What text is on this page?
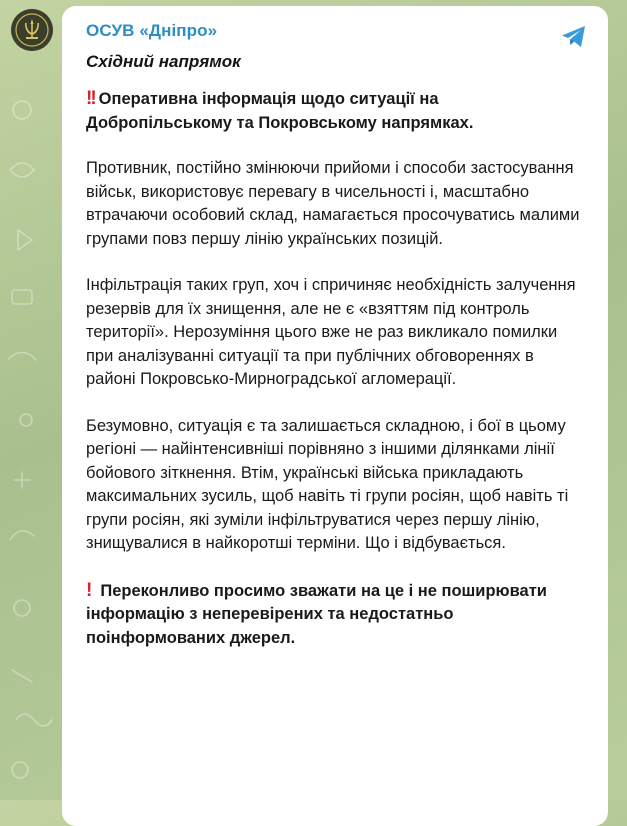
ОСУВ «Дніпро»

Східний напрямок

!! Оперативна інформація щодо ситуації на Добропільському та Покровському напрямках.

Противник, постійно змінюючи прийоми і способи застосування військ, використовує перевагу в чисельності і, масштабно втрачаючи особовий склад, намагається просочуватись малими групами повз першу лінію українських позицій.

Інфільтрація таких груп, хоч і спричиняє необхідність залучення резервів для їх знищення, але не є «взяттям під контроль території». Нерозуміння цього вже не раз викликало помилки при аналізуванні ситуації та при публічних обговореннях в районі Покровсько-Мирноградської агломерації.

Безумовно, ситуація є та залишається складною, і бої в цьому регіоні — найінтенсивніші порівняно з іншими ділянками лінії бойового зіткнення. Втім, українські війська прикладають максимальних зусиль, щоб навіть ті групи росіян, щоб навіть ті групи росіян, які зуміли інфільтруватися через першу лінію, знищувалися в найкоротші терміни. Що і відбувається.

! Переконливо просимо зважати на це і не поширювати інформацію з неперевірених та недостатньо поінформованих джерел.
